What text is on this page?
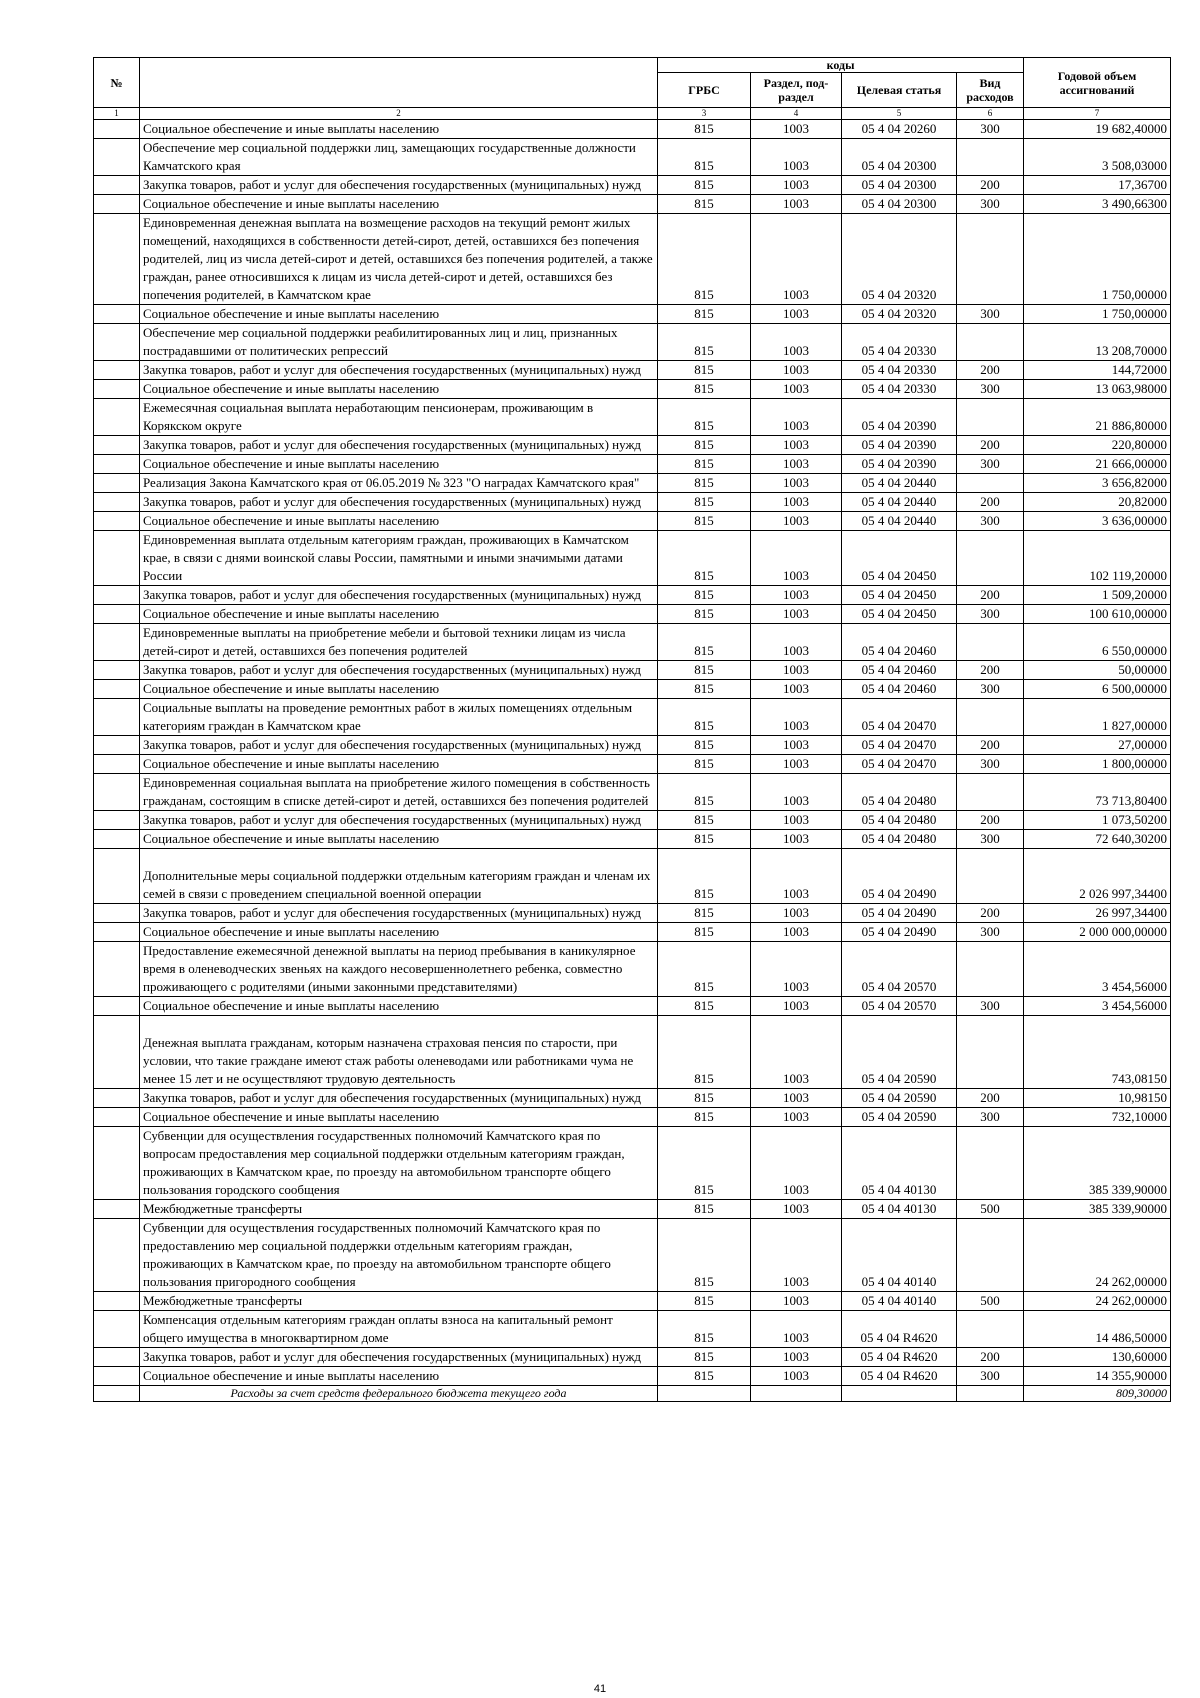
№		коды				Годовой объем ассигнований
		ГРБС	Раздел, под-раздел	Целевая статья	Вид расходов	
1	2	3	4	5	6	7
	Социальное обеспечение и иные выплаты населению	815	1003	05 4 04 20260	300	19 682,40000
	Обеспечение мер социальной поддержки лиц, замещающих государственные должности Камчатского края	815	1003	05 4 04 20300		3 508,03000
	Закупка товаров, работ и услуг для обеспечения государственных (муниципальных) нужд	815	1003	05 4 04 20300	200	17,36700
	Социальное обеспечение и иные выплаты населению	815	1003	05 4 04 20300	300	3 490,66300
	Единовременная денежная выплата на возмещение расходов на текущий ремонт жилых помещений, находящихся в собственности детей-сирот, детей, оставшихся без попечения родителей, лиц из числа детей-сирот и детей, оставшихся без попечения родителей, а также граждан, ранее относившихся к лицам из числа детей-сирот и детей, оставшихся без попечения родителей, в Камчатском крае	815	1003	05 4 04 20320		1 750,00000
	Социальное обеспечение и иные выплаты населению	815	1003	05 4 04 20320	300	1 750,00000
	Обеспечение мер социальной поддержки реабилитированных лиц и лиц, признанных пострадавшими от политических репрессий	815	1003	05 4 04 20330		13 208,70000
	Закупка товаров, работ и услуг для обеспечения государственных (муниципальных) нужд	815	1003	05 4 04 20330	200	144,72000
	Социальное обеспечение и иные выплаты населению	815	1003	05 4 04 20330	300	13 063,98000
	Ежемесячная социальная выплата неработающим пенсионерам, проживающим в Корякском округе	815	1003	05 4 04 20390		21 886,80000
	Закупка товаров, работ и услуг для обеспечения государственных (муниципальных) нужд	815	1003	05 4 04 20390	200	220,80000
	Социальное обеспечение и иные выплаты населению	815	1003	05 4 04 20390	300	21 666,00000
	Реализация Закона Камчатского края от 06.05.2019 № 323 "О наградах Камчатского края"	815	1003	05 4 04 20440		3 656,82000
	Закупка товаров, работ и услуг для обеспечения государственных (муниципальных) нужд	815	1003	05 4 04 20440	200	20,82000
	Социальное обеспечение и иные выплаты населению	815	1003	05 4 04 20440	300	3 636,00000
	Единовременная выплата отдельным категориям граждан, проживающих в Камчатском крае, в связи с днями воинской славы России, памятными и иными значимыми датами России	815	1003	05 4 04 20450		102 119,20000
	Закупка товаров, работ и услуг для обеспечения государственных (муниципальных) нужд	815	1003	05 4 04 20450	200	1 509,20000
	Социальное обеспечение и иные выплаты населению	815	1003	05 4 04 20450	300	100 610,00000
	Единовременные выплаты на приобретение мебели и бытовой техники лицам из числа детей-сирот и детей, оставшихся без попечения родителей	815	1003	05 4 04 20460		6 550,00000
	Закупка товаров, работ и услуг для обеспечения государственных (муниципальных) нужд	815	1003	05 4 04 20460	200	50,00000
	Социальное обеспечение и иные выплаты населению	815	1003	05 4 04 20460	300	6 500,00000
	Социальные выплаты на проведение ремонтных работ в жилых помещениях отдельным категориям граждан в Камчатском крае	815	1003	05 4 04 20470		1 827,00000
	Закупка товаров, работ и услуг для обеспечения государственных (муниципальных) нужд	815	1003	05 4 04 20470	200	27,00000
	Социальное обеспечение и иные выплаты населению	815	1003	05 4 04 20470	300	1 800,00000
	Единовременная социальная выплата на приобретение жилого помещения в собственность гражданам, состоящим в списке детей-сирот и детей, оставшихся без попечения родителей	815	1003	05 4 04 20480		73 713,80400
	Закупка товаров, работ и услуг для обеспечения государственных (муниципальных) нужд	815	1003	05 4 04 20480	200	1 073,50200
	Социальное обеспечение и иные выплаты населению	815	1003	05 4 04 20480	300	72 640,30200
	Дополнительные меры социальной поддержки отдельным категориям граждан и членам их семей в связи с проведением специальной военной операции	815	1003	05 4 04 20490		2 026 997,34400
	Закупка товаров, работ и услуг для обеспечения государственных (муниципальных) нужд	815	1003	05 4 04 20490	200	26 997,34400
	Социальное обеспечение и иные выплаты населению	815	1003	05 4 04 20490	300	2 000 000,00000
	Предоставление ежемесячной денежной выплаты на период пребывания в каникулярное время в оленеводческих звеньях на каждого несовершеннолетнего ребенка, совместно проживающего с родителями (иными законными представителями)	815	1003	05 4 04 20570		3 454,56000
	Социальное обеспечение и иные выплаты населению	815	1003	05 4 04 20570	300	3 454,56000
	Денежная выплата гражданам, которым назначена страховая пенсия по старости, при условии, что такие граждане имеют стаж работы оленеводами или работниками чума не менее 15 лет и не осуществляют трудовую деятельность	815	1003	05 4 04 20590		743,08150
	Закупка товаров, работ и услуг для обеспечения государственных (муниципальных) нужд	815	1003	05 4 04 20590	200	10,98150
	Социальное обеспечение и иные выплаты населению	815	1003	05 4 04 20590	300	732,10000
	Субвенции для осуществления государственных полномочий Камчатского края по вопросам предоставления мер социальной поддержки отдельным категориям граждан, проживающих в Камчатском крае, по проезду на автомобильном транспорте общего пользования городского сообщения	815	1003	05 4 04 40130		385 339,90000
	Межбюджетные трансферты	815	1003	05 4 04 40130	500	385 339,90000
	Субвенции для осуществления государственных полномочий Камчатского края по предоставлению мер социальной поддержки отдельным категориям граждан, проживающих в Камчатском крае, по проезду на автомобильном транспорте общего пользования пригородного сообщения	815	1003	05 4 04 40140		24 262,00000
	Межбюджетные трансферты	815	1003	05 4 04 40140	500	24 262,00000
	Компенсация отдельным категориям граждан оплаты взноса на капитальный ремонт общего имущества в многоквартирном доме	815	1003	05 4 04 R4620		14 486,50000
	Закупка товаров, работ и услуг для обеспечения государственных (муниципальных) нужд	815	1003	05 4 04 R4620	200	130,60000
	Социальное обеспечение и иные выплаты населению	815	1003	05 4 04 R4620	300	14 355,90000
	Расходы за счет средств федерального бюджета текущего года					809,30000
41
